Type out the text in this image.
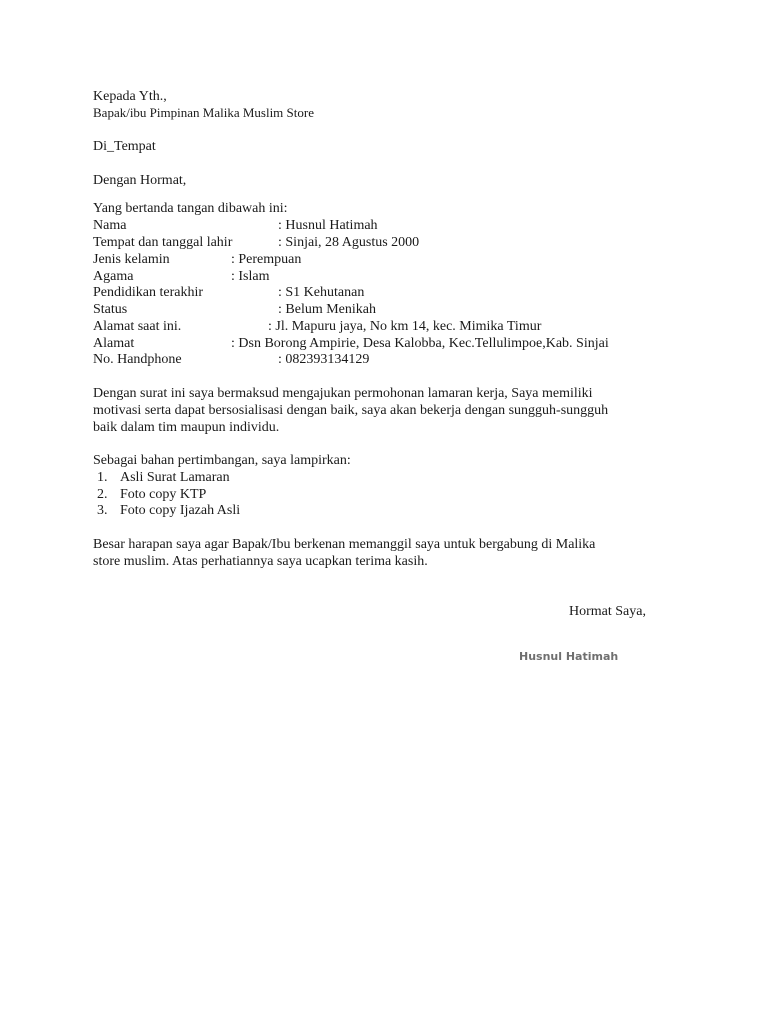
Kepada Yth.,
Bapak/ibu Pimpinan Malika Muslim Store
Di_Tempat
Dengan Hormat,
Yang bertanda tangan dibawah ini:
Nama	: Husnul Hatimah
Tempat dan tanggal lahir	: Sinjai, 28 Agustus 2000
Jenis kelamin	: Perempuan
Agama	: Islam
Pendidikan terakhir	: S1 Kehutanan
Status	: Belum Menikah
Alamat saat ini.	: Jl. Mapuru jaya, No km 14, kec. Mimika Timur
Alamat	: Dsn Borong Ampirie, Desa Kalobba, Kec.Tellulimpoe,Kab. Sinjai
No. Handphone	: 082393134129
Dengan surat ini saya bermaksud mengajukan permohonan lamaran kerja, Saya memiliki
motivasi serta dapat bersosialisasi dengan baik, saya akan bekerja dengan sungguh-sungguh
baik dalam tim maupun individu.
Sebagai bahan pertimbangan, saya lampirkan:
1. Asli Surat Lamaran
2. Foto copy KTP
3. Foto copy Ijazah Asli
Besar harapan saya agar Bapak/Ibu berkenan memanggil saya untuk bergabung di Malika
store muslim. Atas perhatiannya saya ucapkan terima kasih.
Hormat Saya,
Husnul Hatimah
